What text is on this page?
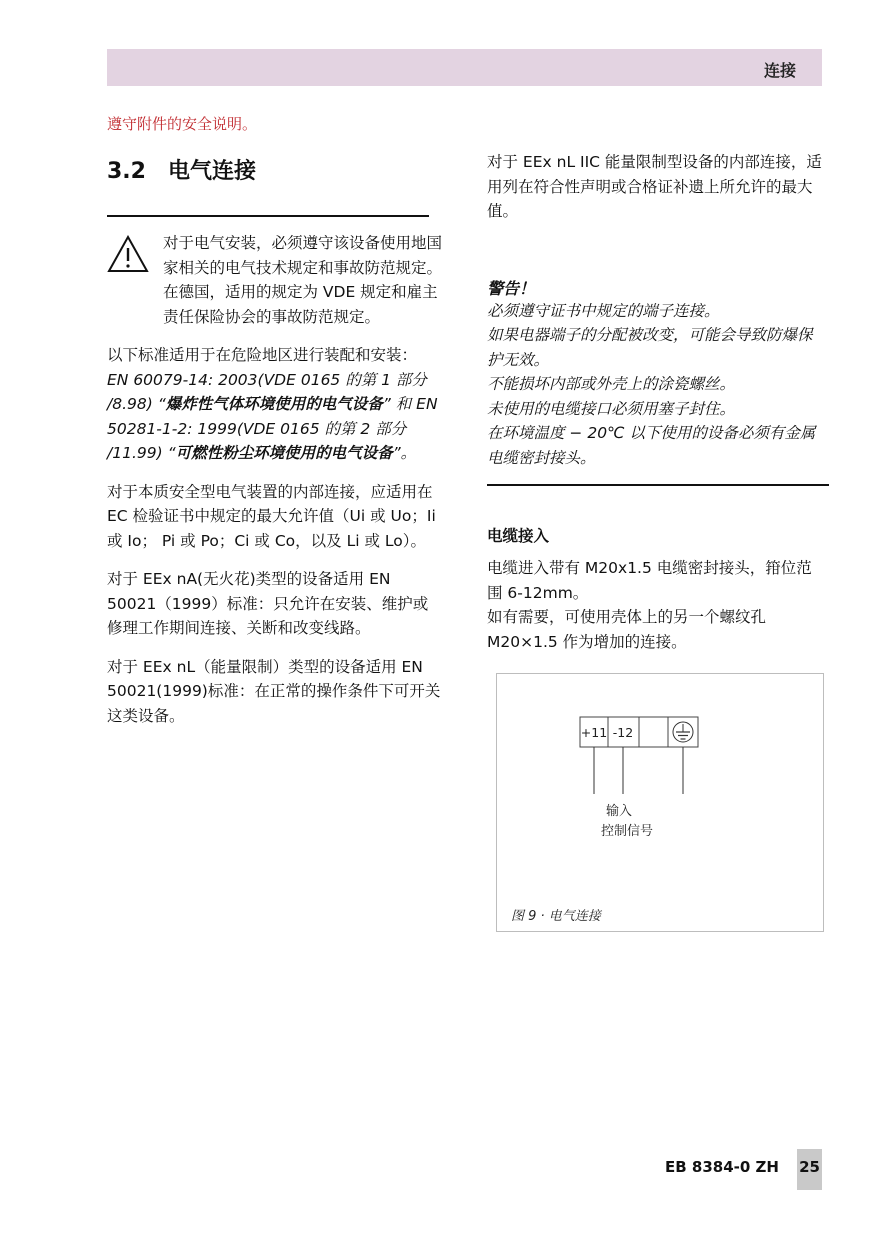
连接
遵守附件的安全说明。
3.2 电气连接

对于电气安装，必须遵守该设备使用地国家相关的电气技术规定和事故防范规定。在德国，适用的规定为 VDE 规定和雇主责任保险协会的事故防范规定。

以下标准适用于在危险地区进行装配和安装：

EN 60079-14: 2003(VDE 0165 的第 1 部分 /8.98) “爆炸性气体环境使用的电气设备” 和 EN 50281-1-2: 1999(VDE 0165 的第 2 部分 /11.99) “可燃性粉尘环境使用的电气设备”。

对于本质安全型电气装置的内部连接，应适用在 EC 检验证书中规定的最大允许值（Ui 或 Uo；Ii 或 Io； Pi 或 Po；Ci 或 Co，以及 Li 或 Lo）。

对于 EEx nA(无火花)类型的设备适用 EN 50021（1999）标准：只允许在安装、维护或修理工作期间连接、关断和改变线路。

对于 EEx nL（能量限制）类型的设备适用 EN 50021(1999)标准：在正常的操作条件下可开关这类设备。

对于 EEx nL IIC 能量限制型设备的内部连接，适用列在符合性声明或合格证补遗上所允许的最大值。

警告！

必须遵守证书中规定的端子连接。

如果电器端子的分配被改变，可能会导致防爆保护无效。

不能损坏内部或外壳上的涂瓷螺丝。

未使用的电缆接口必须用塞子封住。

在环境温度 − 20℃ 以下使用的设备必须有金属电缆密封接头。

电缆接入

电缆进入带有 M20x1.5 电缆密封接头，箝位范围 6-12mm。

如有需要，可使用壳体上的另一个螺纹孔 M20×1.5 作为增加的连接。

+11 -12
输入
控制信号
图 9 · 电气连接
EB 8384-0 ZH 25
